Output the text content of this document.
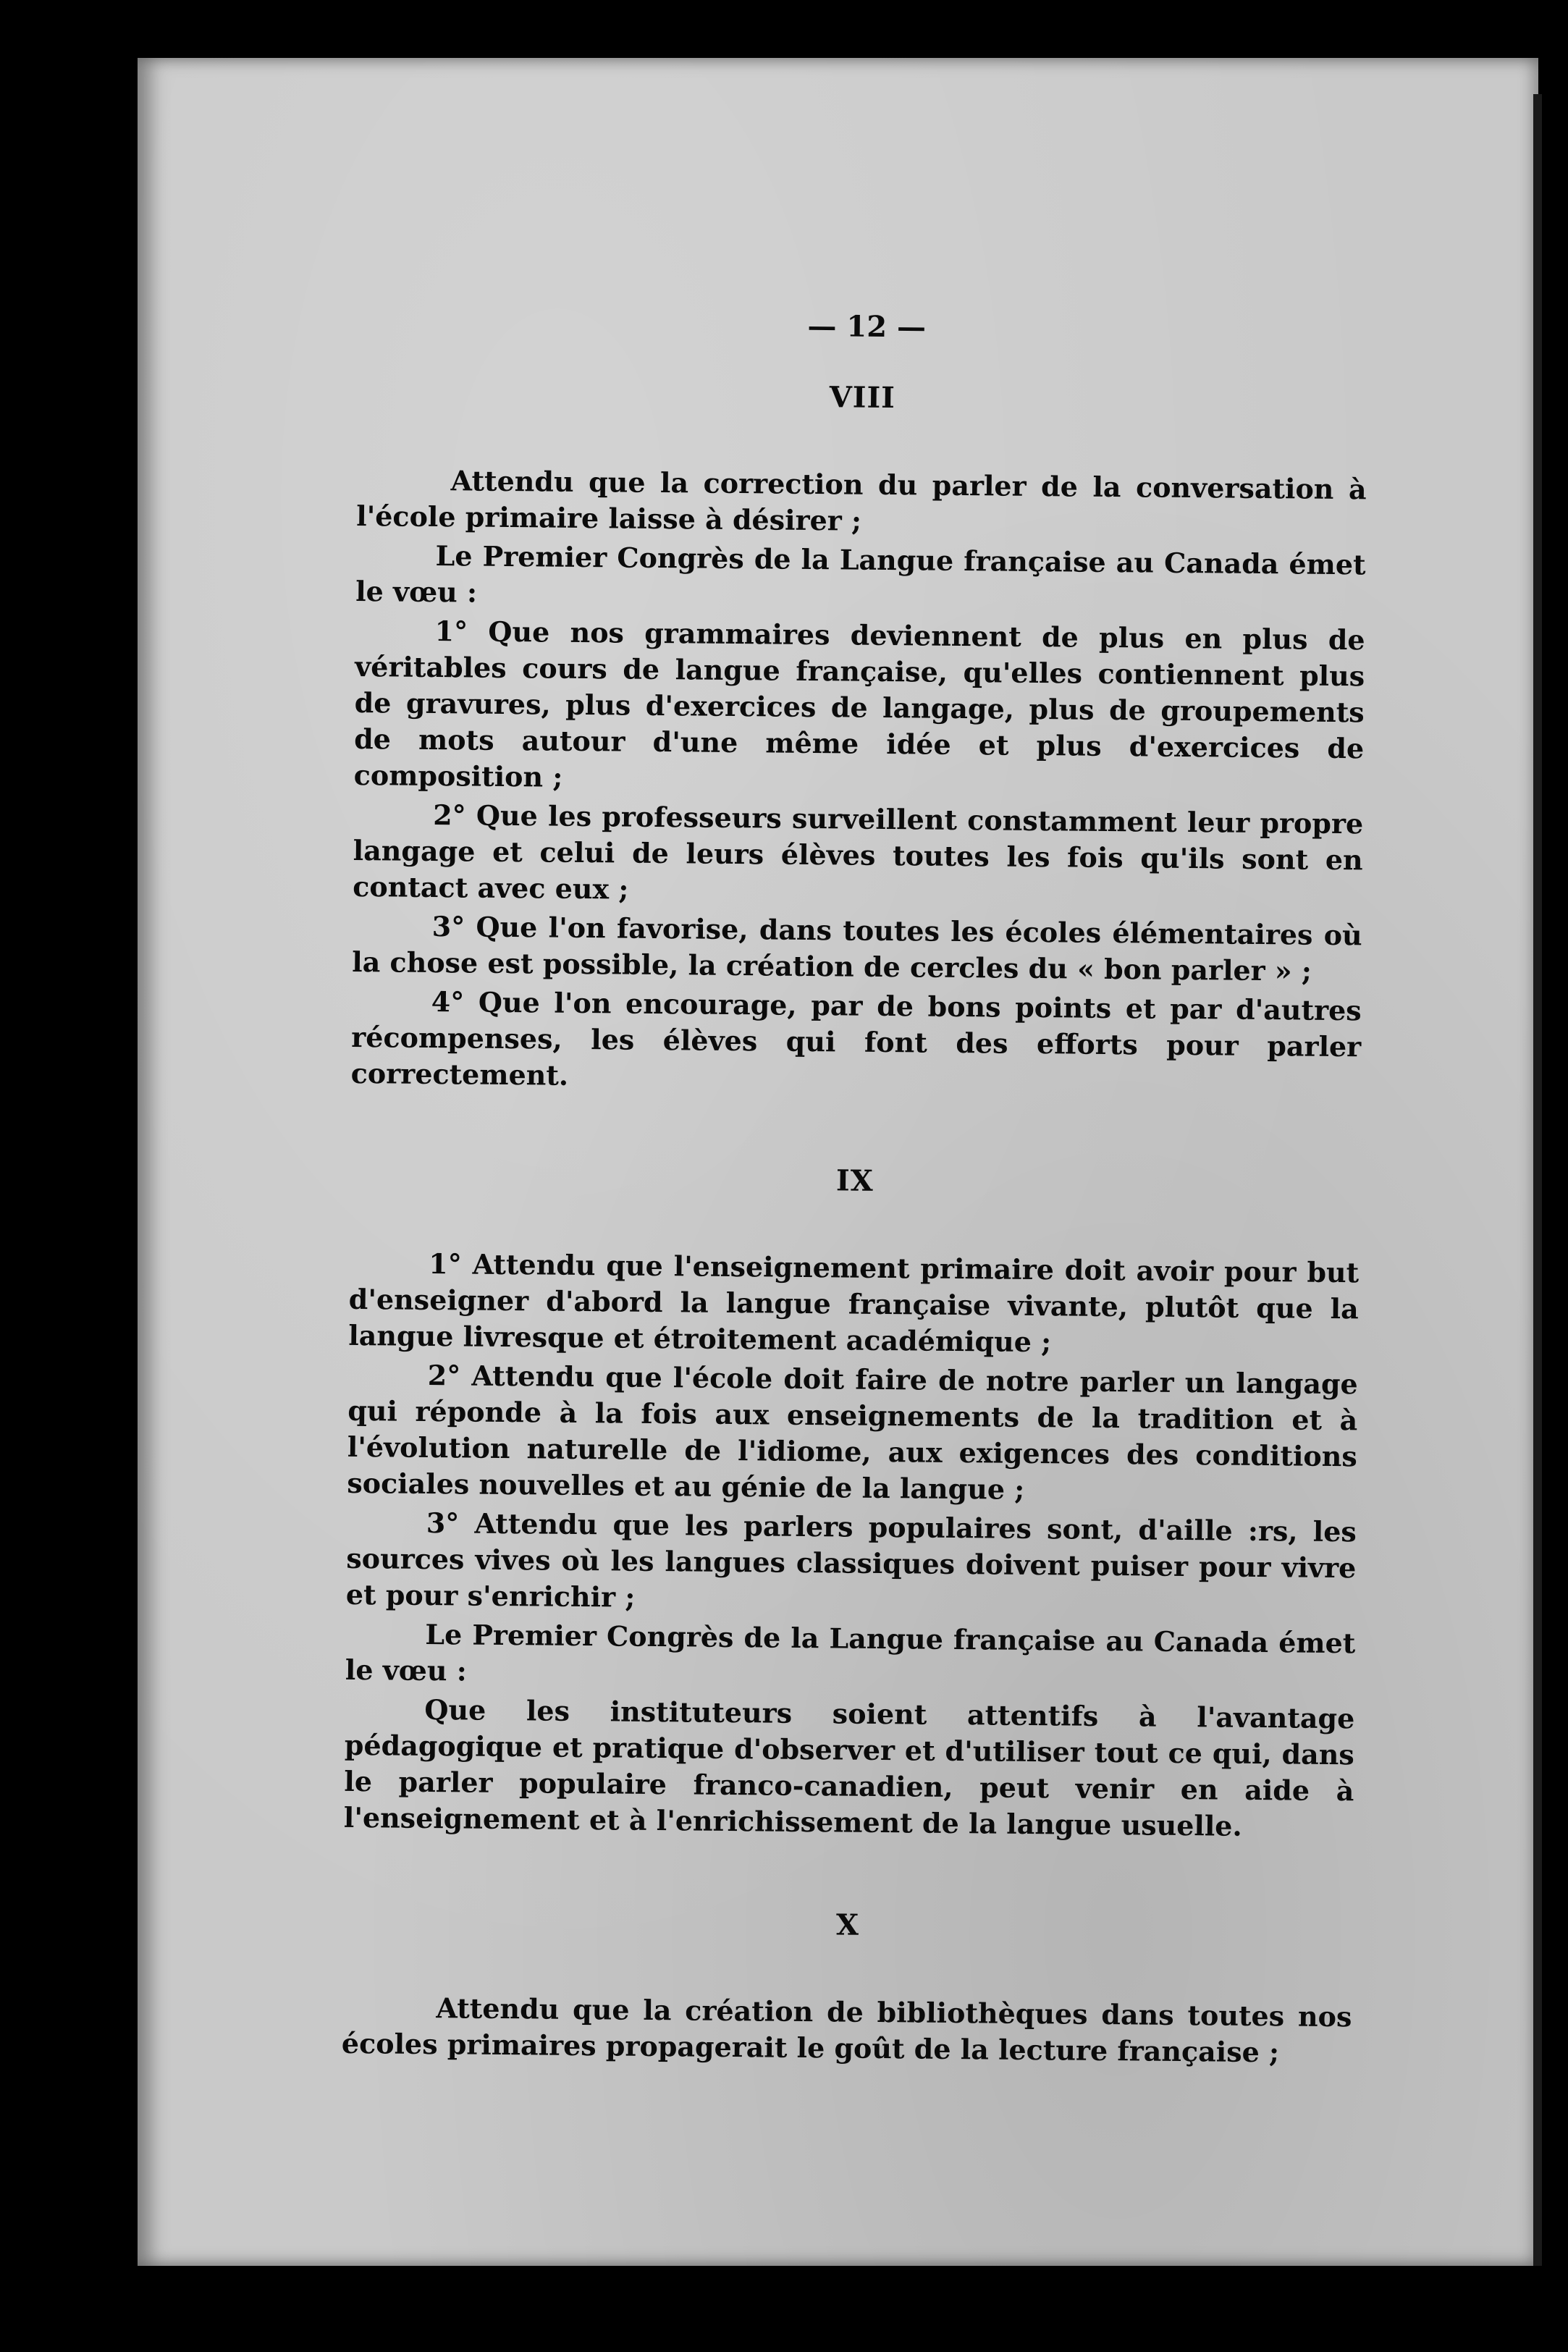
— 12 —
VIII

Attendu que la correction du parler de la conversation à l'école primaire laisse à désirer ;

Le Premier Congrès de la Langue française au Canada émet le vœu :

1° Que nos grammaires deviennent de plus en plus de véritables cours de langue française, qu'elles contiennent plus de gravures, plus d'exercices de langage, plus de groupements de mots autour d'une même idée et plus d'exercices de composition ;

2° Que les professeurs surveillent constamment leur propre langage et celui de leurs élèves toutes les fois qu'ils sont en contact avec eux ;

3° Que l'on favorise, dans toutes les écoles élémentaires où la chose est possible, la création de cercles du « bon parler » ;

4° Que l'on encourage, par de bons points et par d'autres récompenses, les élèves qui font des efforts pour parler correctement.

IX

1° Attendu que l'enseignement primaire doit avoir pour but d'enseigner d'abord la langue française vivante, plutôt que la langue livresque et étroitement académique ;

2° Attendu que l'école doit faire de notre parler un langage qui réponde à la fois aux enseignements de la tradition et à l'évolution naturelle de l'idiome, aux exigences des conditions sociales nouvelles et au génie de la langue ;

3° Attendu que les parlers populaires sont, d'aille :rs, les sources vives où les langues classiques doivent puiser pour vivre et pour s'enrichir ;

Le Premier Congrès de la Langue française au Canada émet le vœu :

Que les instituteurs soient attentifs à l'avantage pédagogique et pratique d'observer et d'utiliser tout ce qui, dans le parler populaire franco-canadien, peut venir en aide à l'enseignement et à l'enrichissement de la langue usuelle.

X

Attendu que la création de bibliothèques dans toutes nos écoles primaires propagerait le goût de la lecture française ;
